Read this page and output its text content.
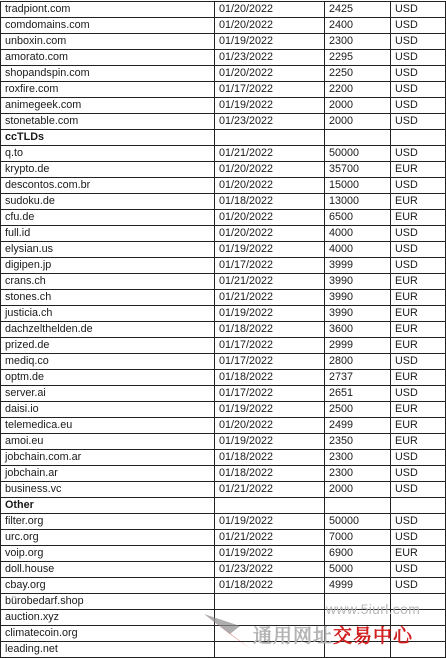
tradpiont.com	01/20/2022	2425	USD
comdomains.com	01/20/2022	2400	USD
unboxin.com	01/19/2022	2300	USD
amorato.com	01/23/2022	2295	USD
shopandspin.com	01/20/2022	2250	USD
roxfire.com	01/17/2022	2200	USD
animegeek.com	01/19/2022	2000	USD
stonetable.com	01/23/2022	2000	USD
ccTLDs			
q.to	01/21/2022	50000	USD
krypto.de	01/20/2022	35700	EUR
descontos.com.br	01/20/2022	15000	USD
sudoku.de	01/18/2022	13000	EUR
cfu.de	01/20/2022	6500	EUR
full.id	01/20/2022	4000	USD
elysian.us	01/19/2022	4000	USD
digipen.jp	01/17/2022	3999	USD
crans.ch	01/21/2022	3990	EUR
stones.ch	01/21/2022	3990	EUR
justicia.ch	01/19/2022	3990	EUR
dachzelthelden.de	01/18/2022	3600	EUR
prized.de	01/17/2022	2999	EUR
mediq.co	01/17/2022	2800	USD
optm.de	01/18/2022	2737	EUR
server.ai	01/17/2022	2651	USD
daisi.io	01/19/2022	2500	EUR
telemedica.eu	01/20/2022	2499	EUR
amoi.eu	01/19/2022	2350	EUR
jobchain.com.ar	01/18/2022	2300	USD
jobchain.ar	01/18/2022	2300	USD
business.vc	01/21/2022	2000	USD
Other			
filter.org	01/19/2022	50000	USD
urc.org	01/21/2022	7000	USD
voip.org	01/19/2022	6900	EUR
doll.house	01/23/2022	5000	USD
cbay.org	01/18/2022	4999	USD
bürobedarf.shop			
auction.xyz			
climatecoin.org			
leading.net			
www.5iurl.com
通用网址交易中心
